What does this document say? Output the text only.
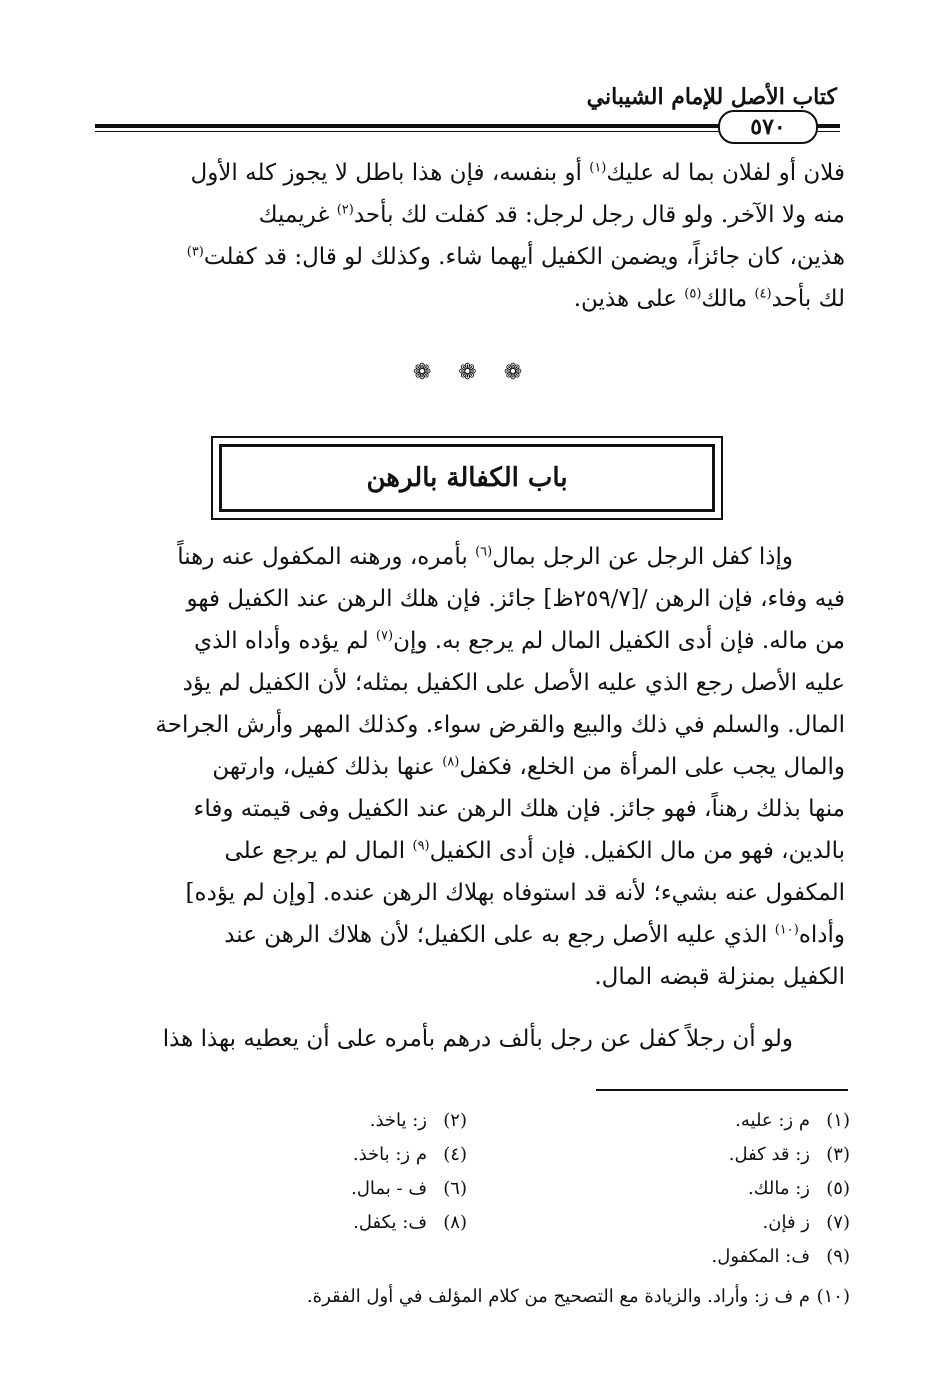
كتاب الأصل للإمام الشيباني
٥٧٠
فلان أو لفلان بما له عليك$^{(١)}$ أو بنفسه، فإن هذا باطل لا يجوز كله الأول
منه ولا الآخر. ولو قال رجل لرجل: قد كفلت لك بأحد$^{(٢)}$ غريميك
هذين، كان جائزاً، ويضمن الكفيل أيهما شاء. وكذلك لو قال: قد كفلت$^{(٣)}$
لك بأحد$^{(٤)}$ مالك$^{(٥)}$ على هذين.
❁ ❁ ❁
باب الكفالة بالرهن
وإذا كفل الرجل عن الرجل بمال$^{(٦)}$ بأمره، ورهنه المكفول عنه رهناً
فيه وفاء، فإن الرهن /[٢٥٩/٧ظ] جائز. فإن هلك الرهن عند الكفيل فهو
من ماله. فإن أدى الكفيل المال لم يرجع به. وإن$^{(٧)}$ لم يؤده وأداه الذي
عليه الأصل رجع الذي عليه الأصل على الكفيل بمثله؛ لأن الكفيل لم يؤد
المال. والسلم في ذلك والبيع والقرض سواء. وكذلك المهر وأرش الجراحة
والمال يجب على المرأة من الخلع، فكفل$^{(٨)}$ عنها بذلك كفيل، وارتهن
منها بذلك رهناً، فهو جائز. فإن هلك الرهن عند الكفيل وفى قيمته وفاء
بالدين، فهو من مال الكفيل. فإن أدى الكفيل$^{(٩)}$ المال لم يرجع على
المكفول عنه بشيء؛ لأنه قد استوفاه بهلاك الرهن عنده. [وإن لم يؤده]
وأداه$^{(١٠)}$ الذي عليه الأصل رجع به على الكفيل؛ لأن هلاك الرهن عند
الكفيل بمنزلة قبضه المال.
ولو أن رجلاً كفل عن رجل بألف درهم بأمره على أن يعطيه بهذا هذا
(١)م ز: عليه.
(٢)ز: ياخذ.
(٣)ز: قد كفل.
(٤)م ز: باخذ.
(٥)ز: مالك.
(٦)ف - بمال.
(٧)ز فإن.
(٨)ف: يكفل.
(٩)ف: المكفول.
(١٠)م ف ز: وأراد. والزيادة مع التصحيح من كلام المؤلف في أول الفقرة.
